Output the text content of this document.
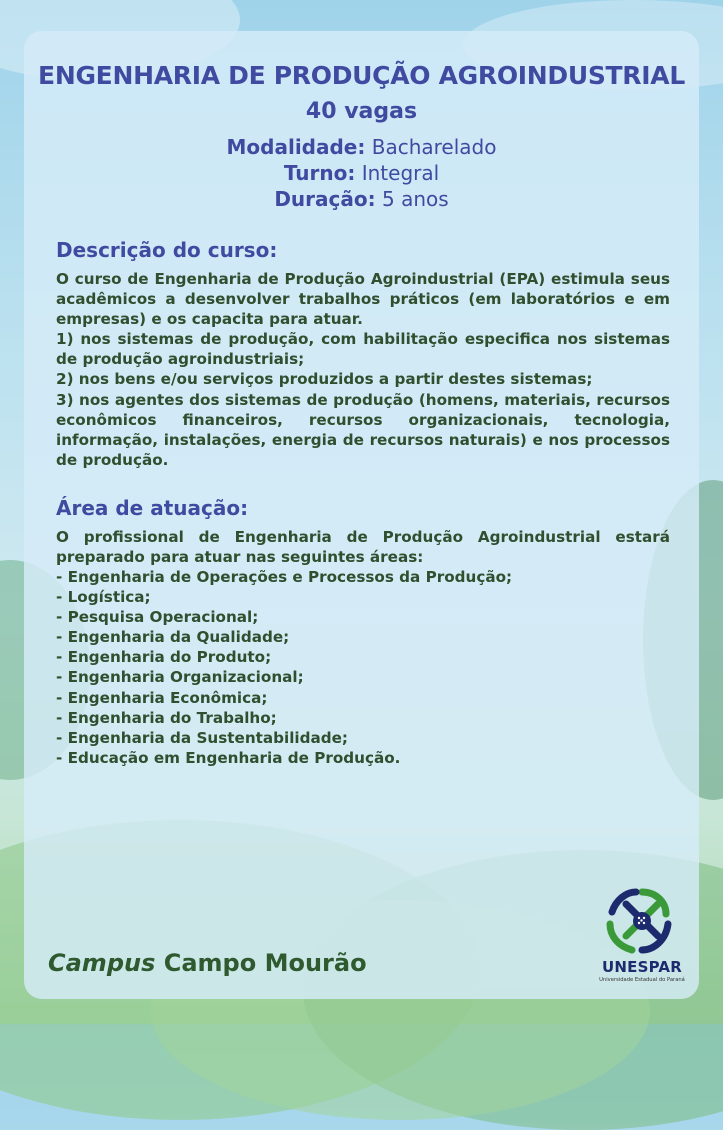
ENGENHARIA DE PRODUÇÃO AGROINDUSTRIAL
40 vagas
Modalidade: Bacharelado
Turno: Integral
Duração: 5 anos
Descrição do curso:

O curso de Engenharia de Produção Agroindustrial (EPA) estimula seus acadêmicos a desenvolver trabalhos práticos (em laboratórios e em empresas) e os capacita para atuar.

1) nos sistemas de produção, com habilitação especifica nos sistemas de produção agroindustriais;

2) nos bens e/ou serviços produzidos a partir destes sistemas;

3) nos agentes dos sistemas de produção (homens, materiais, recursos econômicos financeiros, recursos organizacionais, tecnologia, informação, instalações, energia de recursos naturais) e nos processos de produção.

Área de atuação:

O profissional de Engenharia de Produção Agroindustrial estará preparado para atuar nas seguintes áreas:

- Engenharia de Operações e Processos da Produção;
- Logística;
- Pesquisa Operacional;
- Engenharia da Qualidade;
- Engenharia do Produto;
- Engenharia Organizacional;
- Engenharia Econômica;
- Engenharia do Trabalho;
- Engenharia da Sustentabilidade;
- Educação em Engenharia de Produção.
Campus Campo Mourão	UNESPAR
Universidade Estadual do Paraná
